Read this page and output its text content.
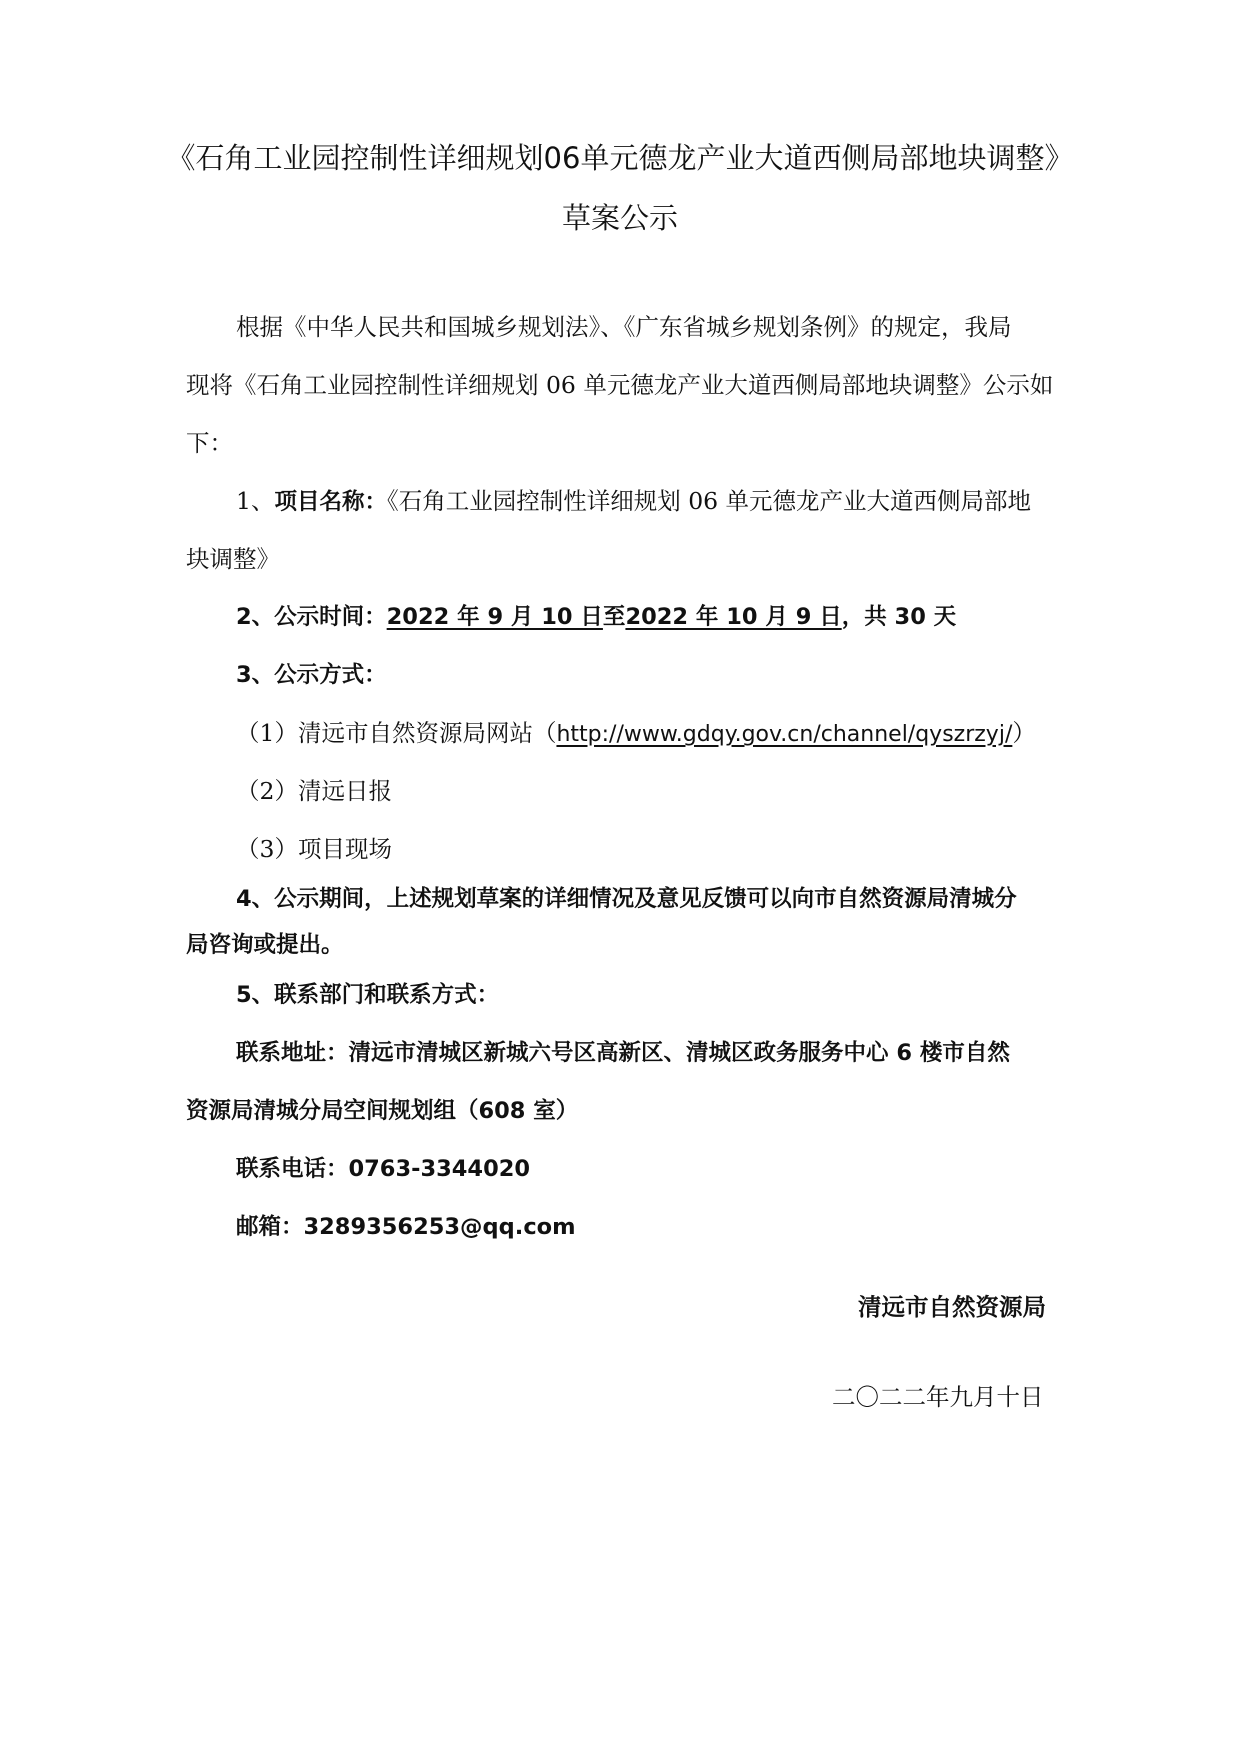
《石角工业园控制性详细规划06单元德龙产业大道西侧局部地块调整》
草案公示
根据《中华人民共和国城乡规划法》、《广东省城乡规划条例》的规定，我局
现将《石角工业园控制性详细规划 06 单元德龙产业大道西侧局部地块调整》公示如
下：
1、项目名称：《石角工业园控制性详细规划 06 单元德龙产业大道西侧局部地
块调整》
2、公示时间：2022 年 9 月 10 日至2022 年 10 月 9 日，共 30 天
3、公示方式：
（1）清远市自然资源局网站（http://www.gdqy.gov.cn/channel/qyszrzyj/）
（2）清远日报
（3）项目现场
4、公示期间，上述规划草案的详细情况及意见反馈可以向市自然资源局清城分
局咨询或提出。
5、联系部门和联系方式：
联系地址：清远市清城区新城六号区高新区、清城区政务服务中心 6 楼市自然
资源局清城分局空间规划组（608 室）
联系电话：0763-3344020
邮箱：3289356253@qq.com
清远市自然资源局
二〇二二年九月十日
